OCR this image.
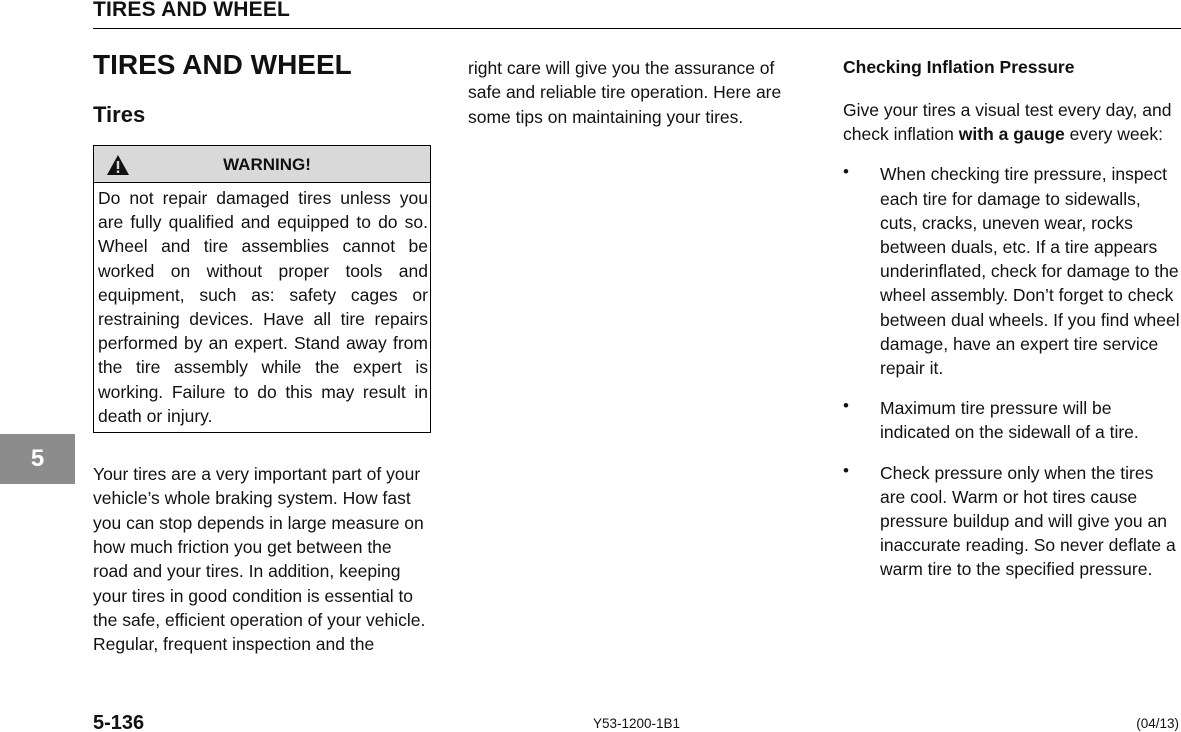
TIRES AND WHEEL
5
TIRES AND WHEEL
Tires
WARNING!

Do not repair damaged tires unless you are fully qualified and equipped to do so. Wheel and tire assemblies cannot be worked on without proper tools and equipment, such as: safety cages or restraining devices. Have all tire repairs performed by an expert. Stand away from the tire assembly while the expert is working. Failure to do this may result in death or injury.

Your tires are a very important part of your vehicle’s whole braking system. How fast you can stop depends in large measure on how much friction you get between the road and your tires. In addition, keeping your tires in good condition is essential to the safe, efficient operation of your vehicle. Regular, frequent inspection and the

right care will give you the assurance of safe and reliable tire operation. Here are some tips on maintaining your tires.

Checking Inflation Pressure

Give your tires a visual test every day, and check inflation with a gauge every week:

• When checking tire pressure, inspect each tire for damage to sidewalls, cuts, cracks, uneven wear, rocks between duals, etc. If a tire appears underinflated, check for damage to the wheel assembly. Don’t forget to check between dual wheels. If you find wheel damage, have an expert tire service repair it.
• Maximum tire pressure will be indicated on the sidewall of a tire.
• Check pressure only when the tires are cool. Warm or hot tires cause pressure buildup and will give you an inaccurate reading. So never deflate a warm tire to the specified pressure.
5-136	Y53-1200-1B1	(04/13)
